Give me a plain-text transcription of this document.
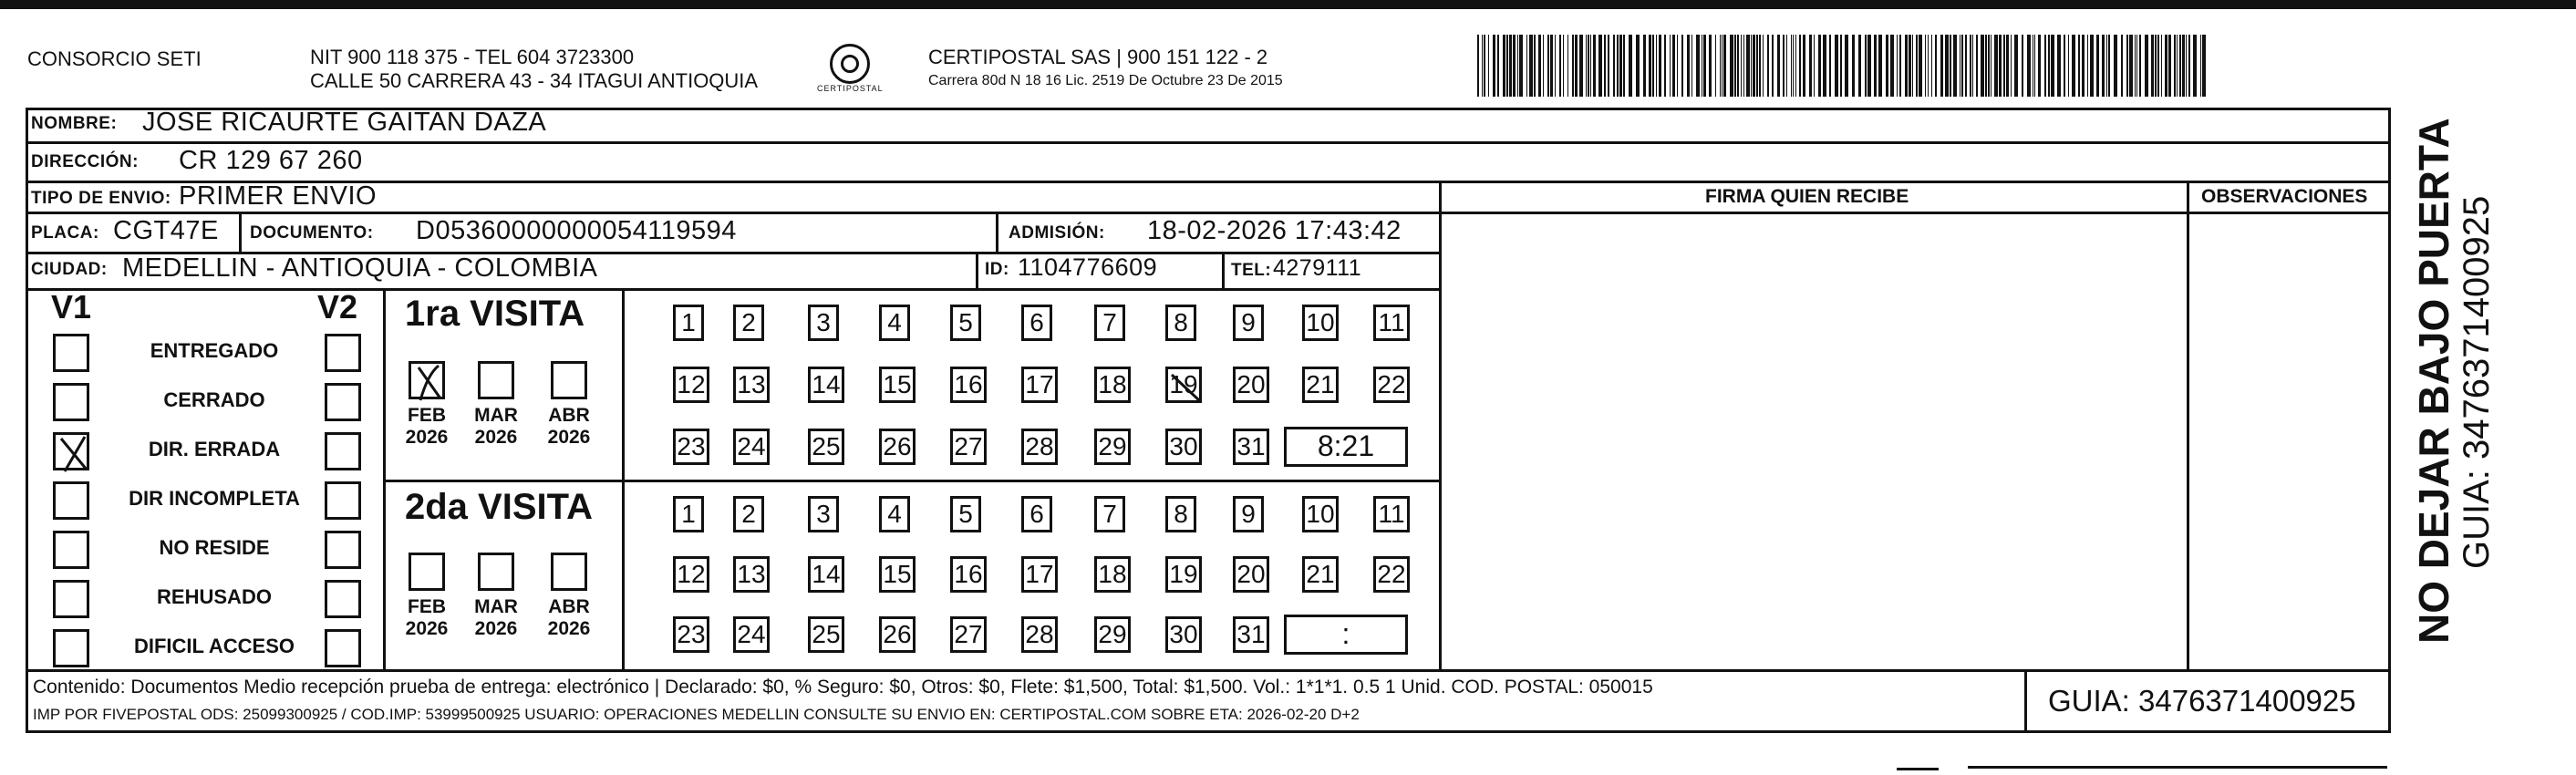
CONSORCIO SETI	NIT 900 118 375 - TEL 604 3723300
CALLE 50 CARRERA 43 - 34 ITAGUI ANTIOQUIA	CERTIPOSTAL
CERTIPOSTAL SAS | 900 151 122 - 2
Carrera 80d N 18 16 Lic. 2519 De Octubre 23 De 2015
NOMBRE: JOSE RICAURTE GAITAN DAZA
DIRECCIÓN: CR 129 67 260
TIPO DE ENVIO: PRIMER ENVIO	FIRMA QUIEN RECIBE	OBSERVACIONES
PLACA: CGT47E DOCUMENTO: D05360000000054119594	ADMISIÓN: 18-02-2026 17:43:42
CIUDAD: MEDELLIN - ANTIOQUIA - COLOMBIA	ID: 1104776609	TEL: 4279111
V1	V2
ENTREGADO
CERRADO
DIR. ERRADA
DIR INCOMPLETA
NO RESIDE
REHUSADO
DIFICIL ACCESO
1ra VISITA
2da VISITA
FEB
2026
MAR
2026
ABR
2026
FEB
2026
MAR
2026
ABR
2026
1	2	3	4	5	6	7	8	9	10 11
12 13 14 15 16 17 18 19 20 21 22
23 24 25 26 27 28 29 30 31	8:21
1	2	3	4	5	6	7	8	9	10 11
12 13 14 15 16 17 18 19 20 21 22
23 24 25 26 27 28 29 30 31	:
Contenido: Documentos Medio recepción prueba de entrega: electrónico | Declarado: $0, % Seguro: $0, Otros: $0, Flete: $1,500, Total: $1,500. Vol.: 1*1*1. 0.5 1 Unid. COD. POSTAL: 050015
IMP POR FIVEPOSTAL ODS: 25099300925 / COD.IMP: 53999500925 USUARIO: OPERACIONES MEDELLIN CONSULTE SU ENVIO EN: CERTIPOSTAL.COM SOBRE ETA: 2026-02-20 D+2	GUIA: 3476371400925
NO DEJAR BAJO PUERTA GUIA: 3476371400925
